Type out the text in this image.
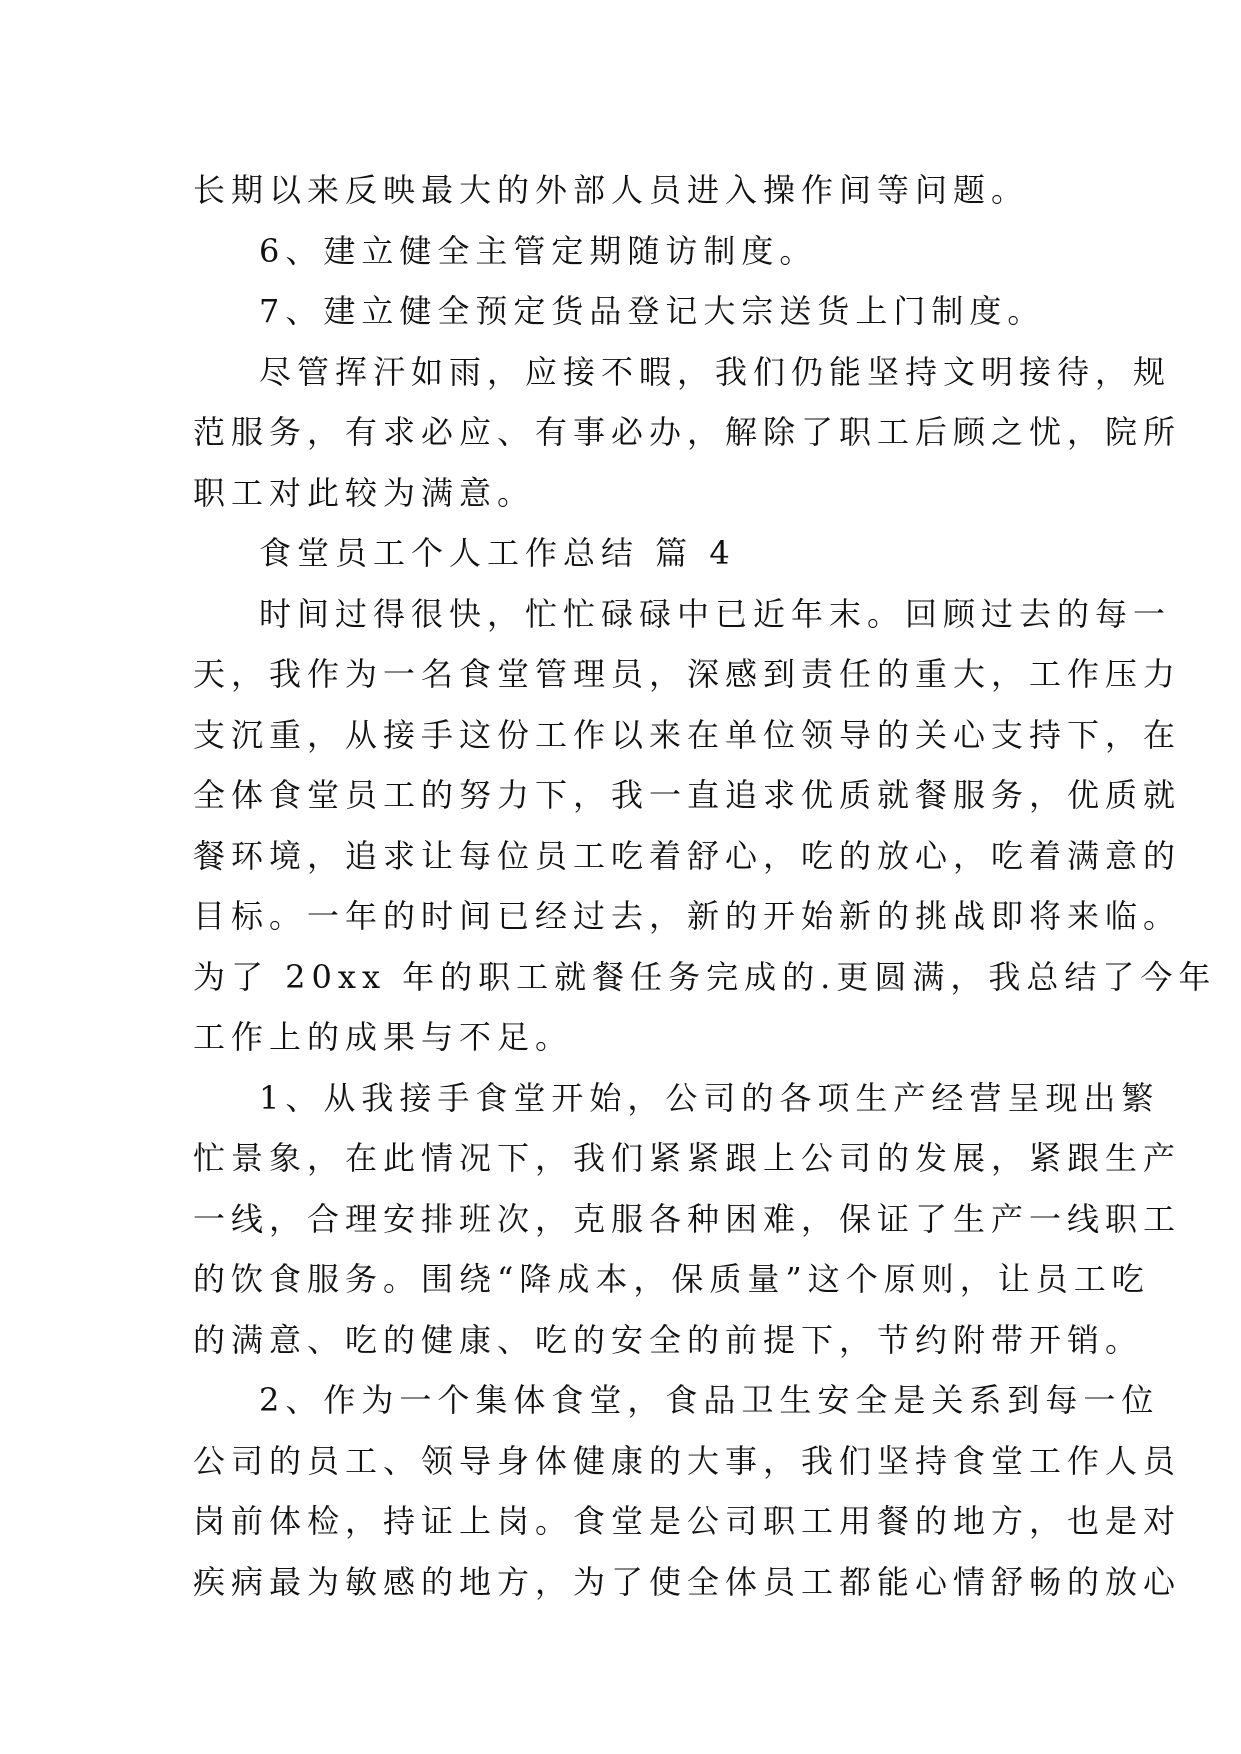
长期以来反映最大的外部人员进入操作间等问题。

6、建立健全主管定期随访制度。

7、建立健全预定货品登记大宗送货上门制度。

尽管挥汗如雨，应接不暇，我们仍能坚持文明接待，规
范服务，有求必应、有事必办，解除了职工后顾之忧，院所
职工对此较为满意。

食堂员工个人工作总结 篇 4

时间过得很快，忙忙碌碌中已近年末。回顾过去的每一
天，我作为一名食堂管理员，深感到责任的重大，工作压力
支沉重，从接手这份工作以来在单位领导的关心支持下，在
全体食堂员工的努力下，我一直追求优质就餐服务，优质就
餐环境，追求让每位员工吃着舒心，吃的放心，吃着满意的
目标。一年的时间已经过去，新的开始新的挑战即将来临。
为了 20xx 年的职工就餐任务完成的.更圆满，我总结了今年
工作上的成果与不足。

1、从我接手食堂开始，公司的各项生产经营呈现出繁
忙景象，在此情况下，我们紧紧跟上公司的发展，紧跟生产
一线，合理安排班次，克服各种困难，保证了生产一线职工
的饮食服务。围绕“降成本，保质量”这个原则，让员工吃
的满意、吃的健康、吃的安全的前提下，节约附带开销。

2、作为一个集体食堂，食品卫生安全是关系到每一位
公司的员工、领导身体健康的大事，我们坚持食堂工作人员
岗前体检，持证上岗。食堂是公司职工用餐的地方，也是对
疾病最为敏感的地方，为了使全体员工都能心情舒畅的放心
